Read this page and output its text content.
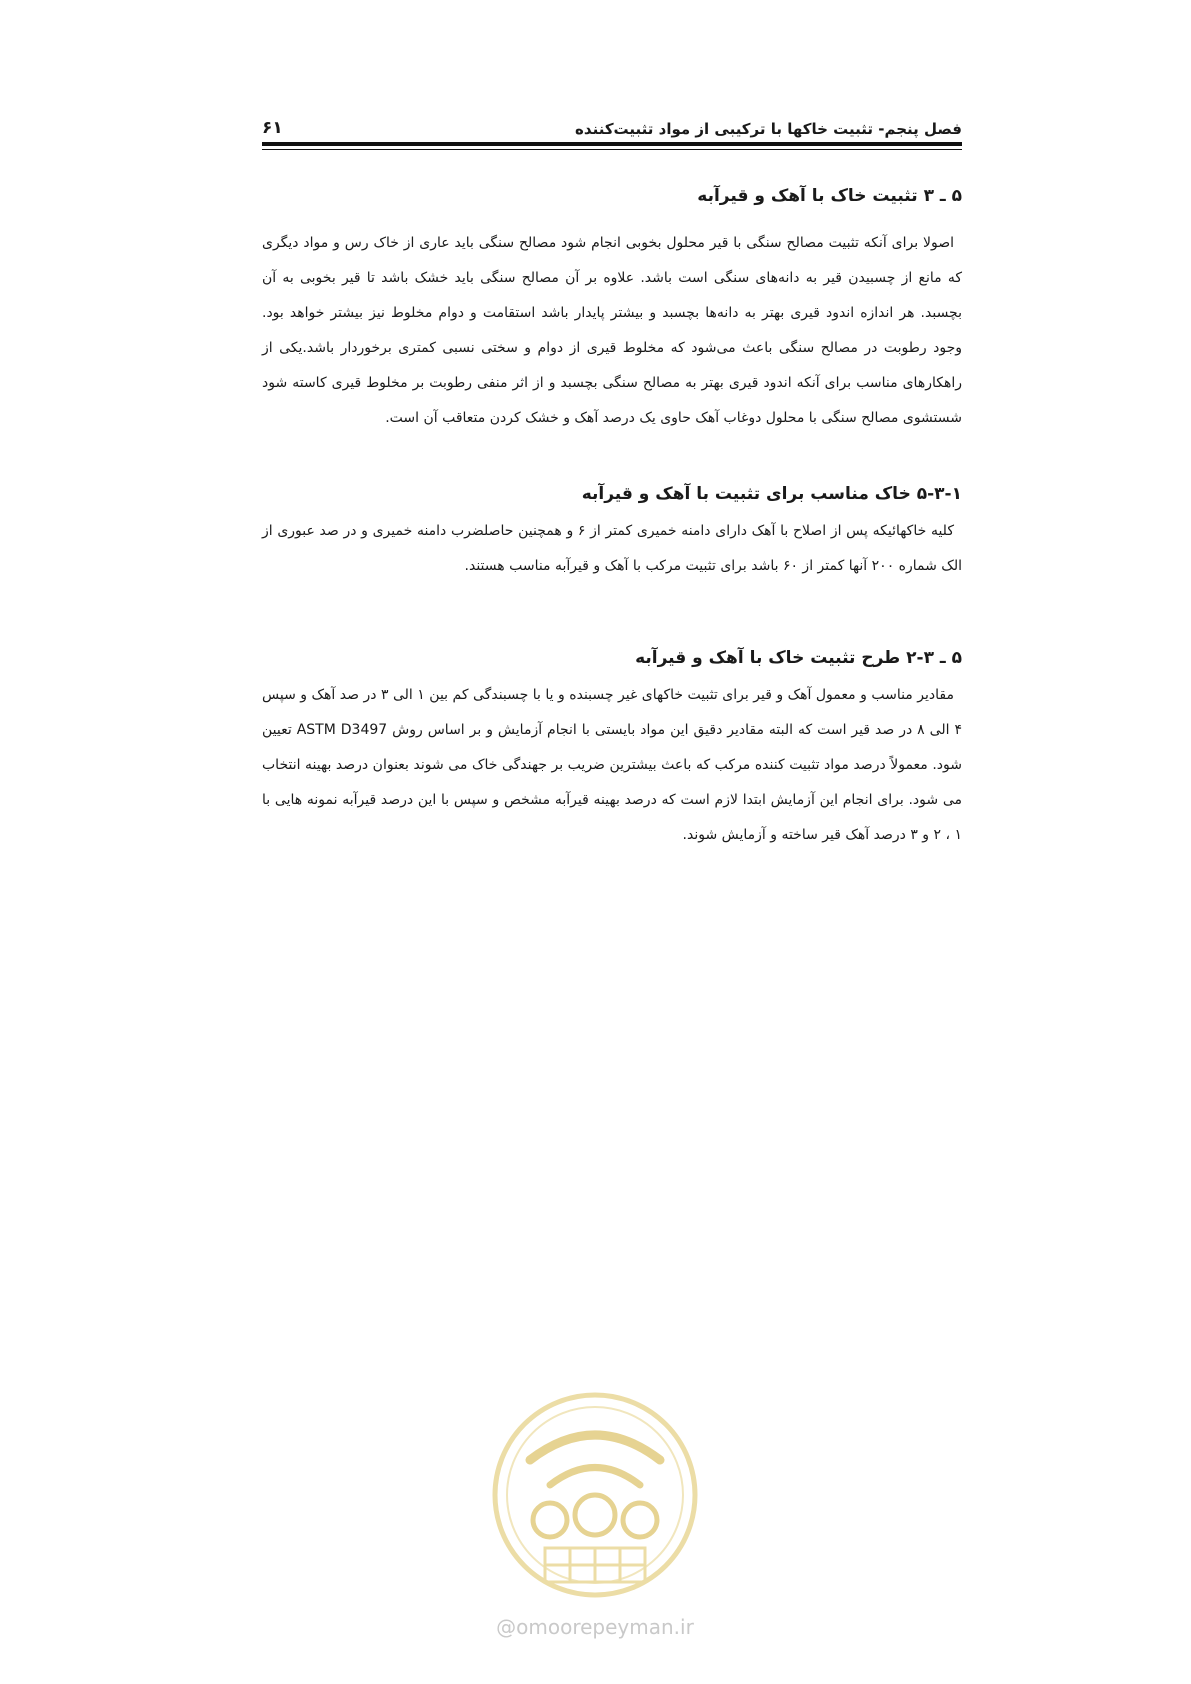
فصل پنجم- تثبیت خاکها با ترکیبی از مواد تثبیت‌کننده
۶۱
۵ ـ ۳ تثبیت خاک با آهک و قیرآبه

اصولا برای آنکه تثبیت مصالح سنگی با قیر محلول بخوبی انجام شود مصالح سنگی باید عاری از خاک رس و مواد دیگری که مانع از چسبیدن قیر به دانه‌های سنگی است باشد. علاوه بر آن مصالح سنگی باید خشک باشد تا قیر بخوبی به آن بچسبد. هر اندازه اندود قیری بهتر به دانه‌ها بچسبد و بیشتر پایدار باشد استقامت و دوام مخلوط نیز بیشتر خواهد بود. وجود رطوبت در مصالح سنگی باعث می‌شود که مخلوط قیری از دوام و سختی نسبی کمتری برخوردار باشد.یکی از راهکارهای مناسب برای آنکه اندود قیری بهتر به مصالح سنگی بچسبد و از اثر منفی رطوبت بر مخلوط قیری کاسته شود شستشوی مصالح سنگی با محلول دوغاب آهک حاوی یک درصد آهک و خشک کردن متعاقب آن است.

۵-۳-۱ خاک مناسب برای تثبیت با آهک و قیرآبه

کلیه خاکهائیکه پس از اصلاح با آهک دارای دامنه خمیری کمتر از ۶ و همچنین حاصلضرب دامنه خمیری و در صد عبوری از الک شماره ۲۰۰ آنها کمتر از ۶۰ باشد برای تثبیت مرکب با آهک و قیرآبه مناسب هستند.

۵ ـ ۳-۲ طرح تثبیت خاک با آهک و قیرآبه

مقادیر مناسب و معمول آهک و قیر برای تثبیت خاکهای غیر چسبنده و یا با چسبندگی کم بین ۱ الی ۳ در صد آهک و سپس ۴ الی ۸ در صد قیر است که البته مقادیر دقیق این مواد بایستی با انجام آزمایش و بر اساس روش ASTM D3497 تعیین شود. معمولاً درصد مواد تثبیت کننده مرکب که باعث بیشترین ضریب بر جهندگی خاک می شوند بعنوان درصد بهینه انتخاب می شود. برای انجام این آزمایش ابتدا لازم است که درصد بهینه قیرآبه مشخص و سپس با این درصد قیرآبه نمونه هایی با ۱ ، ۲ و ۳ درصد آهک قیر ساخته و آزمایش شوند.

@omoorepeyman.ir
